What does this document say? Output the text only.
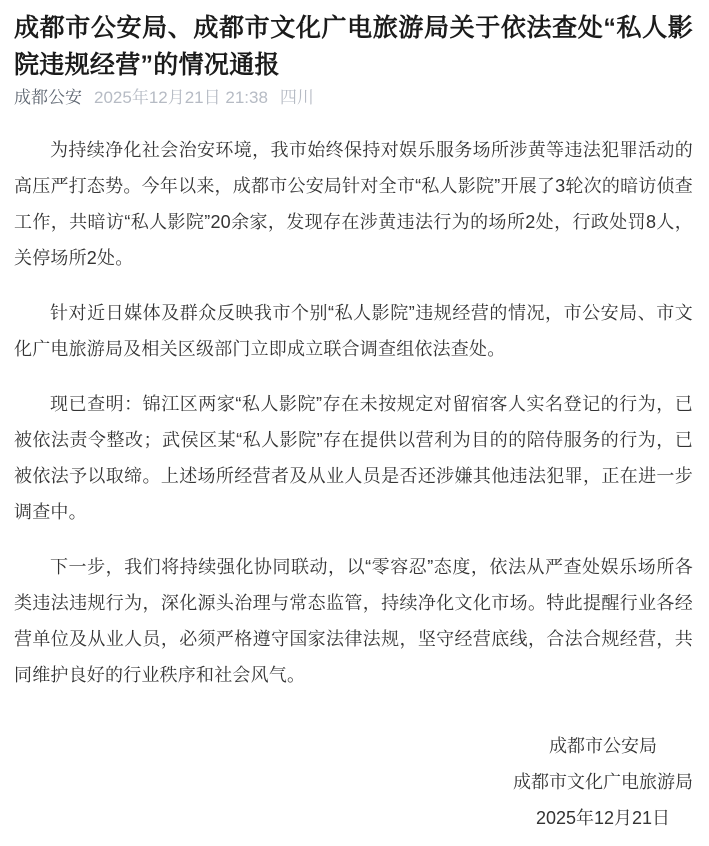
成都市公安局、成都市文化广电旅游局关于依法查处“私人影院违规经营”的情况通报
成都公安 2025年12月21日 21:38 四川

为持续净化社会治安环境，我市始终保持对娱乐服务场所涉黄等违法犯罪活动的高压严打态势。今年以来，成都市公安局针对全市“私人影院”开展了3轮次的暗访侦查工作，共暗访“私人影院”20余家，发现存在涉黄违法行为的场所2处，行政处罚8人，关停场所2处。

针对近日媒体及群众反映我市个别“私人影院”违规经营的情况，市公安局、市文化广电旅游局及相关区级部门立即成立联合调查组依法查处。

现已查明：锦江区两家“私人影院”存在未按规定对留宿客人实名登记的行为，已被依法责令整改；武侯区某“私人影院”存在提供以营利为目的的陪侍服务的行为，已被依法予以取缔。上述场所经营者及从业人员是否还涉嫌其他违法犯罪，正在进一步调查中。

下一步，我们将持续强化协同联动，以“零容忍”态度，依法从严查处娱乐场所各类违法违规行为，深化源头治理与常态监管，持续净化文化市场。特此提醒行业各经营单位及从业人员，必须严格遵守国家法律法规，坚守经营底线，合法合规经营，共同维护良好的行业秩序和社会风气。

成都市公安局
成都市文化广电旅游局
2025年12月21日
